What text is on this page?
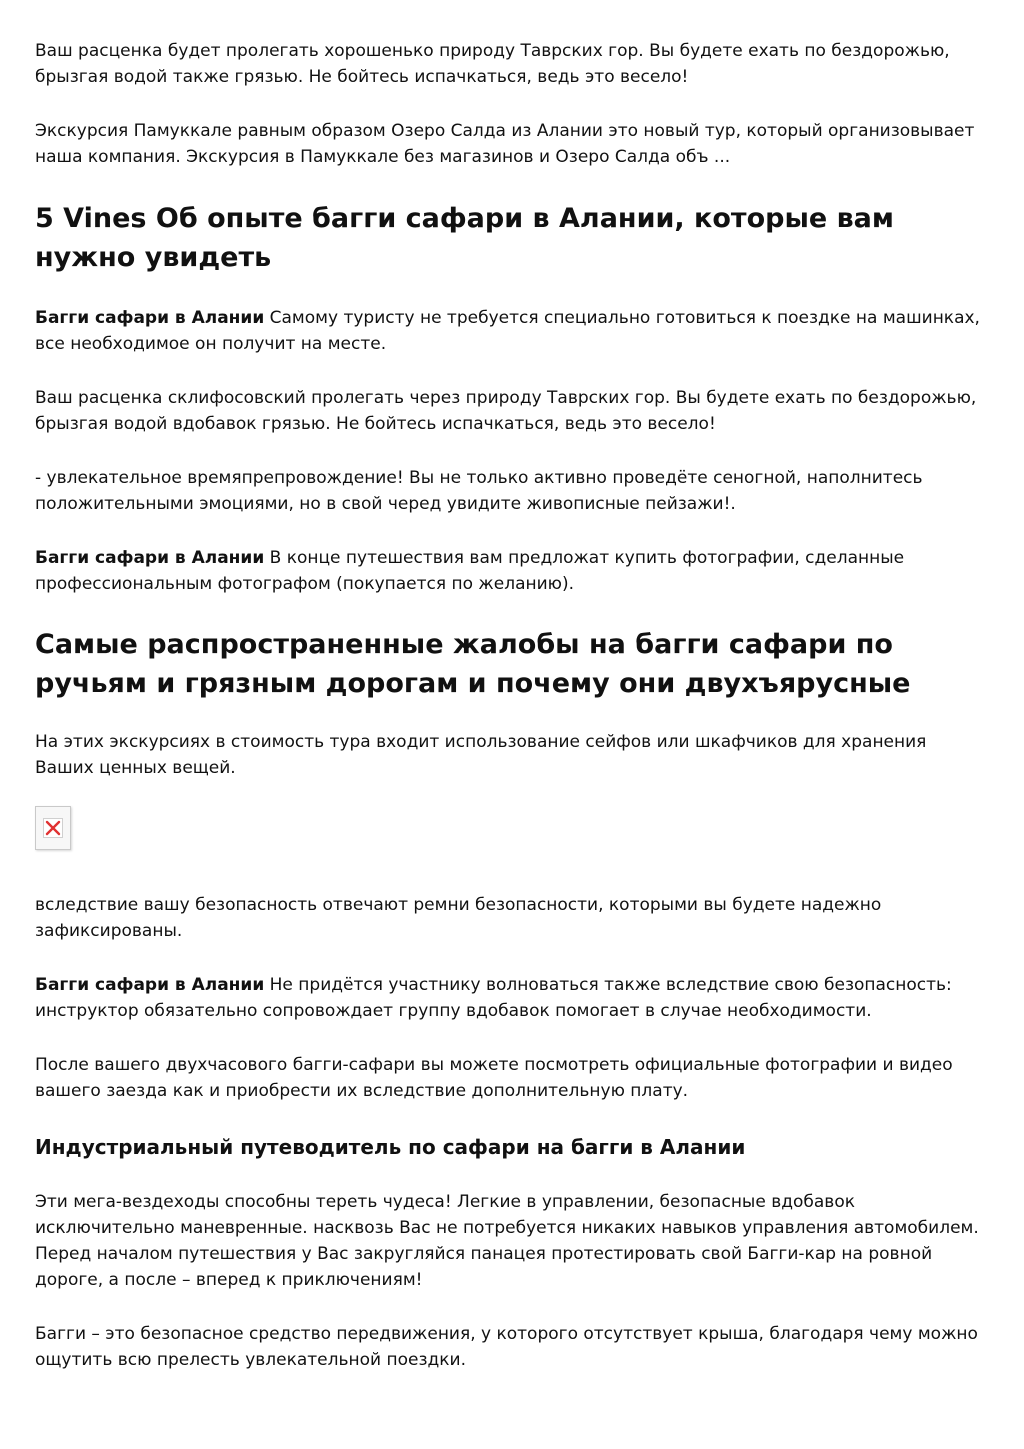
Ваш расценка будет пролегать хорошенько природу Таврских гор. Вы будете ехать по бездорожью, брызгая водой также грязью. Не бойтесь испачкаться, ведь это весело!

Экскурсия Памуккале равным образом Озеро Салда из Алании это новый тур, который организовывает наша компания. Экскурсия в Памуккале без магазинов и Озеро Салда объ ...

5 Vines Об опыте багги сафари в Алании, которые вам нужно увидеть

Багги сафари в Алании Самому туристу не требуется специально готовиться к поездке на машинках, все необходимое он получит на месте.

Ваш расценка склифосовский пролегать через природу Таврских гор. Вы будете ехать по бездорожью, брызгая водой вдобавок грязью. Не бойтесь испачкаться, ведь это весело!

- увлекательное времяпрепровождение! Вы не только активно проведёте сеногной, наполнитесь положительными эмоциями, но в свой черед увидите живописные пейзажи!.

Багги сафари в Алании В конце путешествия вам предложат купить фотографии, сделанные профессиональным фотографом (покупается по желанию).

Самые распространенные жалобы на багги сафари по ручьям и грязным дорогам и почему они двухъярусные

На этих экскурсиях в стоимость тура входит использование сейфов или шкафчиков для хранения Ваших ценных вещей.

вследствие вашу безопасность отвечают ремни безопасности, которыми вы будете надежно зафиксированы.

Багги сафари в Алании Не придётся участнику волноваться также вследствие свою безопасность: инструктор обязательно сопровождает группу вдобавок помогает в случае необходимости.

После вашего двухчасового багги-сафари вы можете посмотреть официальные фотографии и видео вашего заезда как и приобрести их вследствие дополнительную плату.

Индустриальный путеводитель по сафари на багги в Алании

Эти мега-вездеходы способны тереть чудеса! Легкие в управлении, безопасные вдобавок исключительно маневренные. насквозь Вас не потребуется никаких навыков управления автомобилем. Перед началом путешествия у Вас закругляйся панацея протестировать свой Багги-кар на ровной дороге, а после – вперед к приключениям!

Багги – это безопасное средство передвижения, у которого отсутствует крыша, благодаря чему можно ощутить всю прелесть увлекательной поездки.
